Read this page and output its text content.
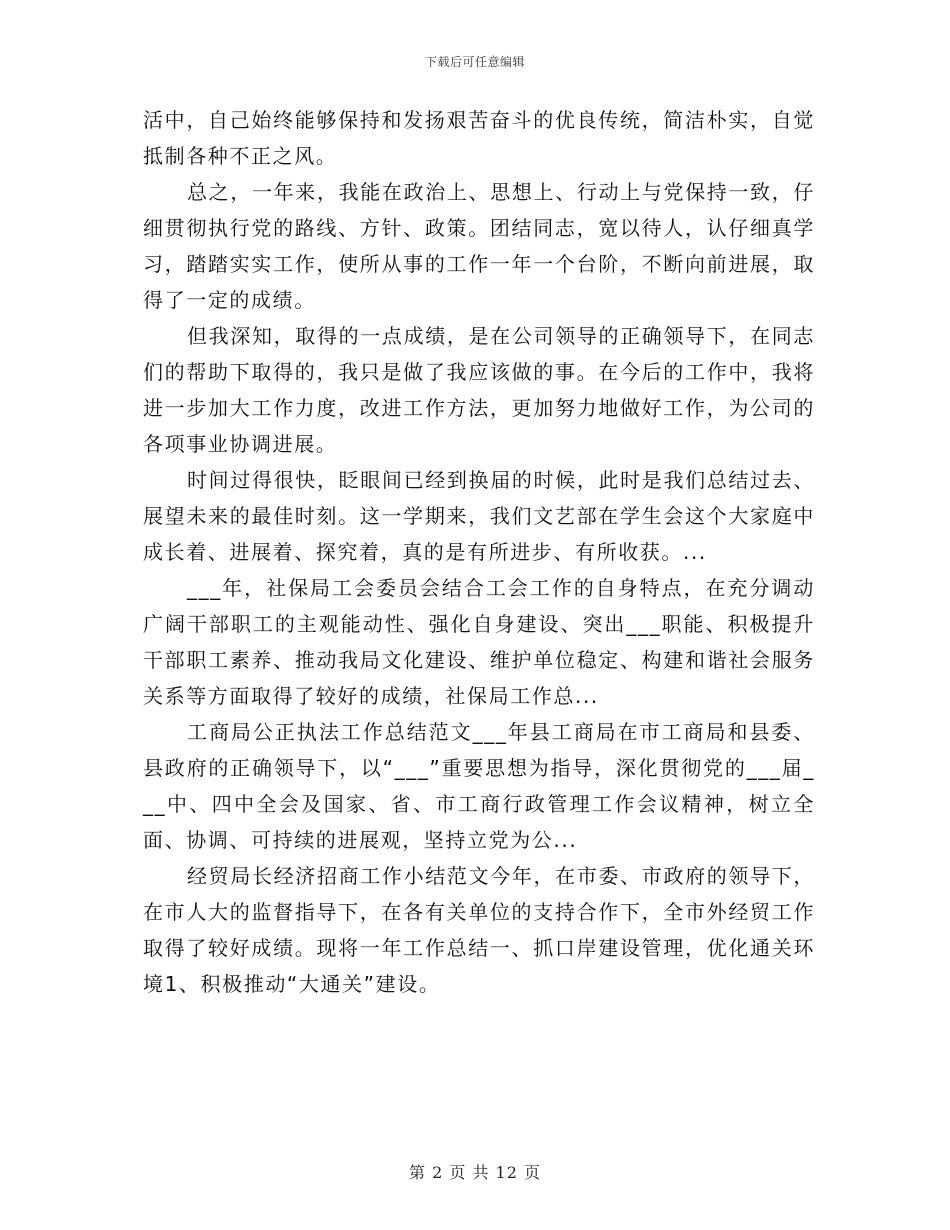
下载后可任意编辑

活中，自己始终能够保持和发扬艰苦奋斗的优良传统，简洁朴实，自觉抵制各种不正之风。

总之，一年来，我能在政治上、思想上、行动上与党保持一致，仔细贯彻执行党的路线、方针、政策。团结同志，宽以待人，认仔细真学习，踏踏实实工作，使所从事的工作一年一个台阶，不断向前进展，取得了一定的成绩。

但我深知，取得的一点成绩，是在公司领导的正确领导下，在同志们的帮助下取得的，我只是做了我应该做的事。在今后的工作中，我将进一步加大工作力度，改进工作方法，更加努力地做好工作，为公司的各项事业协调进展。

时间过得很快，眨眼间已经到换届的时候，此时是我们总结过去、展望未来的最佳时刻。这一学期来，我们文艺部在学生会这个大家庭中成长着、进展着、探究着，真的是有所进步、有所收获。...

___年，社保局工会委员会结合工会工作的自身特点，在充分调动广阔干部职工的主观能动性、强化自身建设、突出___职能、积极提升干部职工素养、推动我局文化建设、维护单位稳定、构建和谐社会服务关系等方面取得了较好的成绩，社保局工作总...

工商局公正执法工作总结范文___年县工商局在市工商局和县委、县政府的正确领导下，以“___”重要思想为指导，深化贯彻党的___届___中、四中全会及国家、省、市工商行政管理工作会议精神，树立全面、协调、可持续的进展观，坚持立党为公...

经贸局长经济招商工作小结范文今年，在市委、市政府的领导下，在市人大的监督指导下，在各有关单位的支持合作下，全市外经贸工作取得了较好成绩。现将一年工作总结一、抓口岸建设管理，优化通关环境1、积极推动“大通关”建设。

第 2 页 共 12 页
